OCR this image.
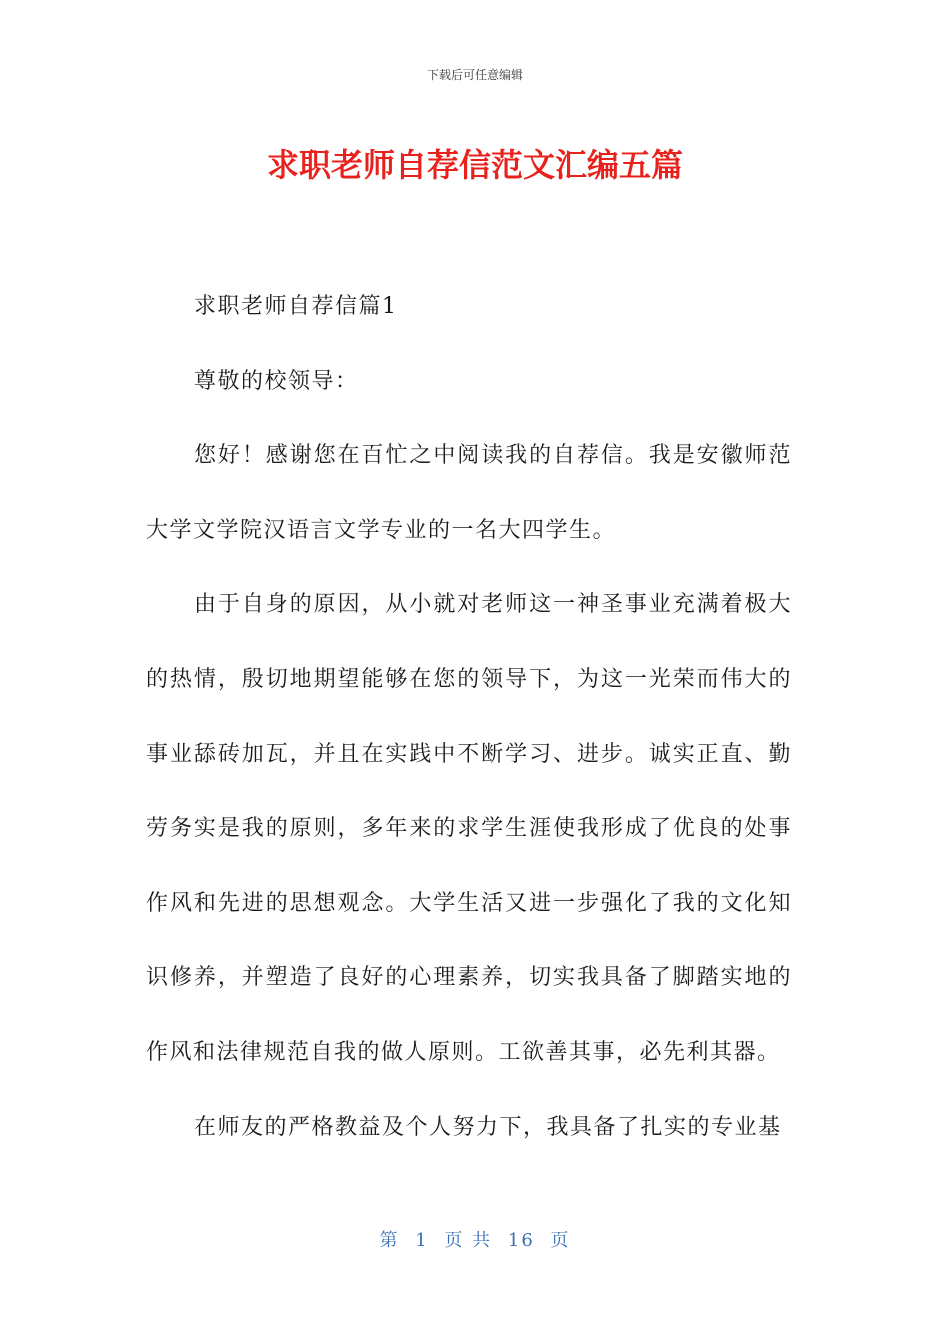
下载后可任意编辑
求职老师自荐信范文汇编五篇

求职老师自荐信篇1

尊敬的校领导：

您好！感谢您在百忙之中阅读我的自荐信。我是安徽师范大学文学院汉语言文学专业的一名大四学生。

由于自身的原因，从小就对老师这一神圣事业充满着极大的热情，殷切地期望能够在您的领导下，为这一光荣而伟大的事业舔砖加瓦，并且在实践中不断学习、进步。诚实正直、勤劳务实是我的原则，多年来的求学生涯使我形成了优良的处事作风和先进的思想观念。大学生活又进一步强化了我的文化知识修养，并塑造了良好的心理素养，切实我具备了脚踏实地的作风和法律规范自我的做人原则。工欲善其事，必先利其器。

在师友的严格教益及个人努力下，我具备了扎实的专业基

第 1 页 共 16 页
